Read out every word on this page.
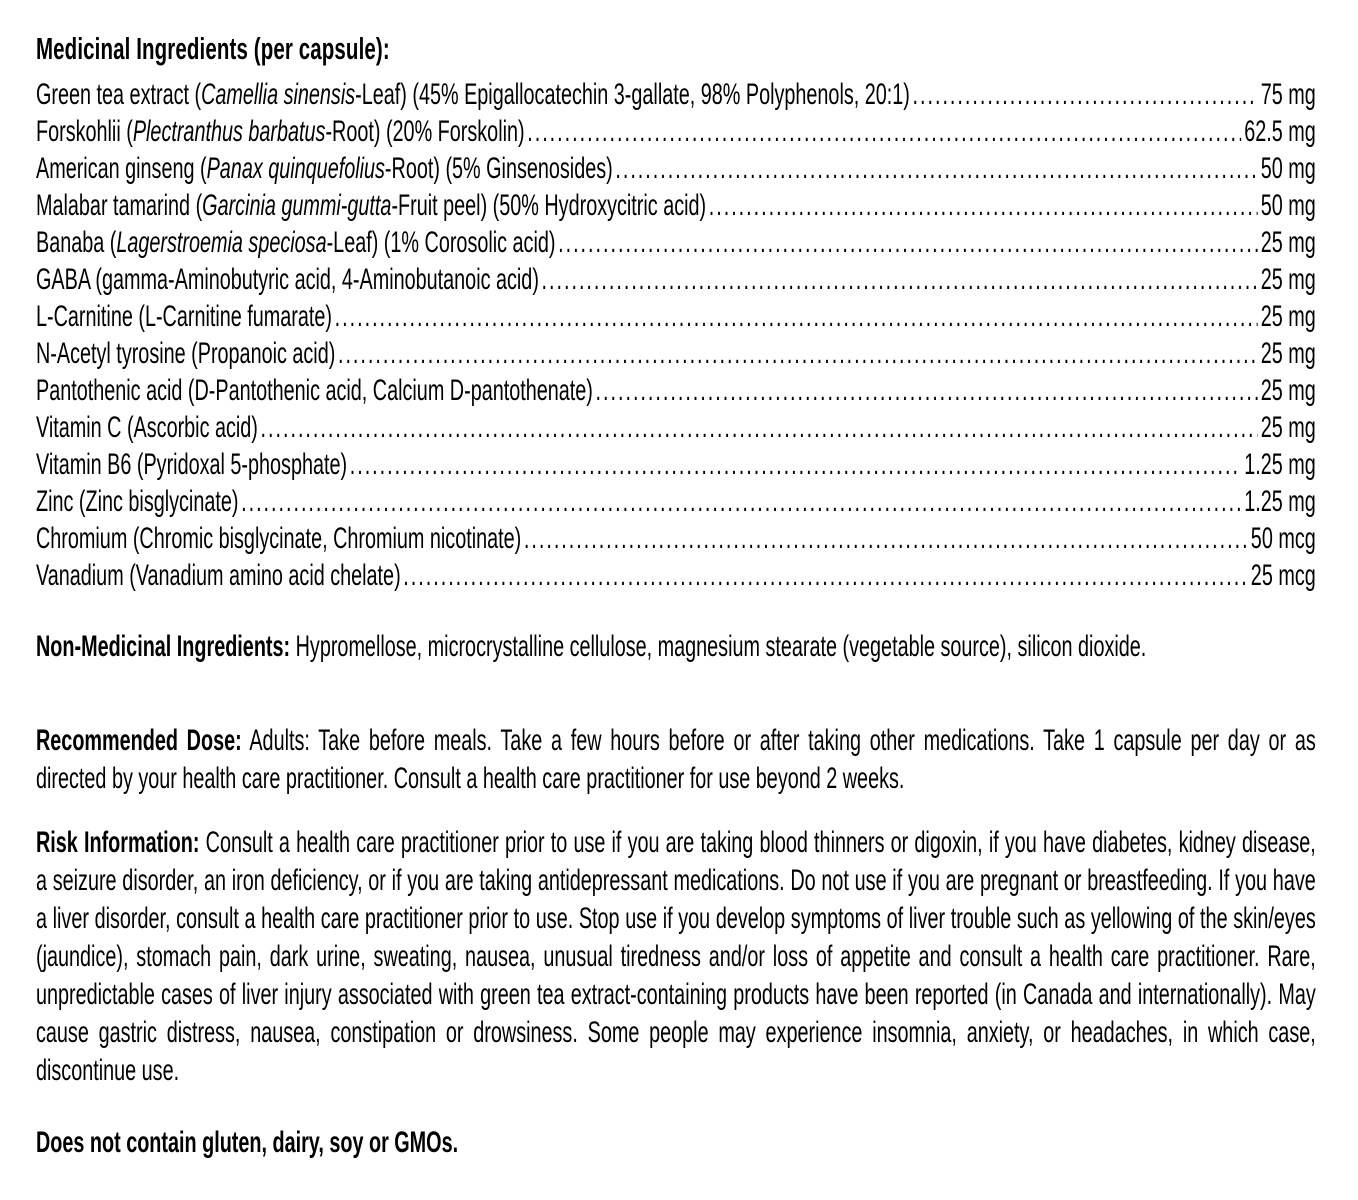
Medicinal Ingredients (per capsule):

Green tea extract (Camellia sinensis-Leaf) (45% Epigallocatechin 3-gallate, 98% Polyphenols, 20:1) .....	75 mg
Forskohlii (Plectranthus barbatus-Root) (20% Forskolin) .....	62.5 mg
American ginseng (Panax quinquefolius-Root) (5% Ginsenosides) .....	50 mg
Malabar tamarind (Garcinia gummi-gutta-Fruit peel) (50% Hydroxycitric acid) .....	50 mg
Banaba (Lagerstroemia speciosa-Leaf) (1% Corosolic acid) .....	25 mg
GABA (gamma-Aminobutyric acid, 4-Aminobutanoic acid) .....	25 mg
L-Carnitine (L-Carnitine fumarate) .....	25 mg
N-Acetyl tyrosine (Propanoic acid) .....	25 mg
Pantothenic acid (D-Pantothenic acid, Calcium D-pantothenate) .....	25 mg
Vitamin C (Ascorbic acid) .....	25 mg
Vitamin B6 (Pyridoxal 5-phosphate) .....	1.25 mg
Zinc (Zinc bisglycinate) .....	1.25 mg
Chromium (Chromic bisglycinate, Chromium nicotinate) .....	50 mcg
Vanadium (Vanadium amino acid chelate) .....	25 mcg

Non-Medicinal Ingredients: Hypromellose, microcrystalline cellulose, magnesium stearate (vegetable source), silicon dioxide.

Recommended Dose: Adults: Take before meals. Take a few hours before or after taking other medications. Take 1 capsule per day or as directed by your health care practitioner. Consult a health care practitioner for use beyond 2 weeks.

Risk Information: Consult a health care practitioner prior to use if you are taking blood thinners or digoxin, if you have diabetes, kidney disease, a seizure disorder, an iron deficiency, or if you are taking antidepressant medications. Do not use if you are pregnant or breastfeeding. If you have a liver disorder, consult a health care practitioner prior to use. Stop use if you develop symptoms of liver trouble such as yellowing of the skin/eyes (jaundice), stomach pain, dark urine, sweating, nausea, unusual tiredness and/or loss of appetite and consult a health care practitioner. Rare, unpredictable cases of liver injury associated with green tea extract-containing products have been reported (in Canada and internationally). May cause gastric distress, nausea, constipation or drowsiness. Some people may experience insomnia, anxiety, or headaches, in which case, discontinue use.

Does not contain gluten, dairy, soy or GMOs.
